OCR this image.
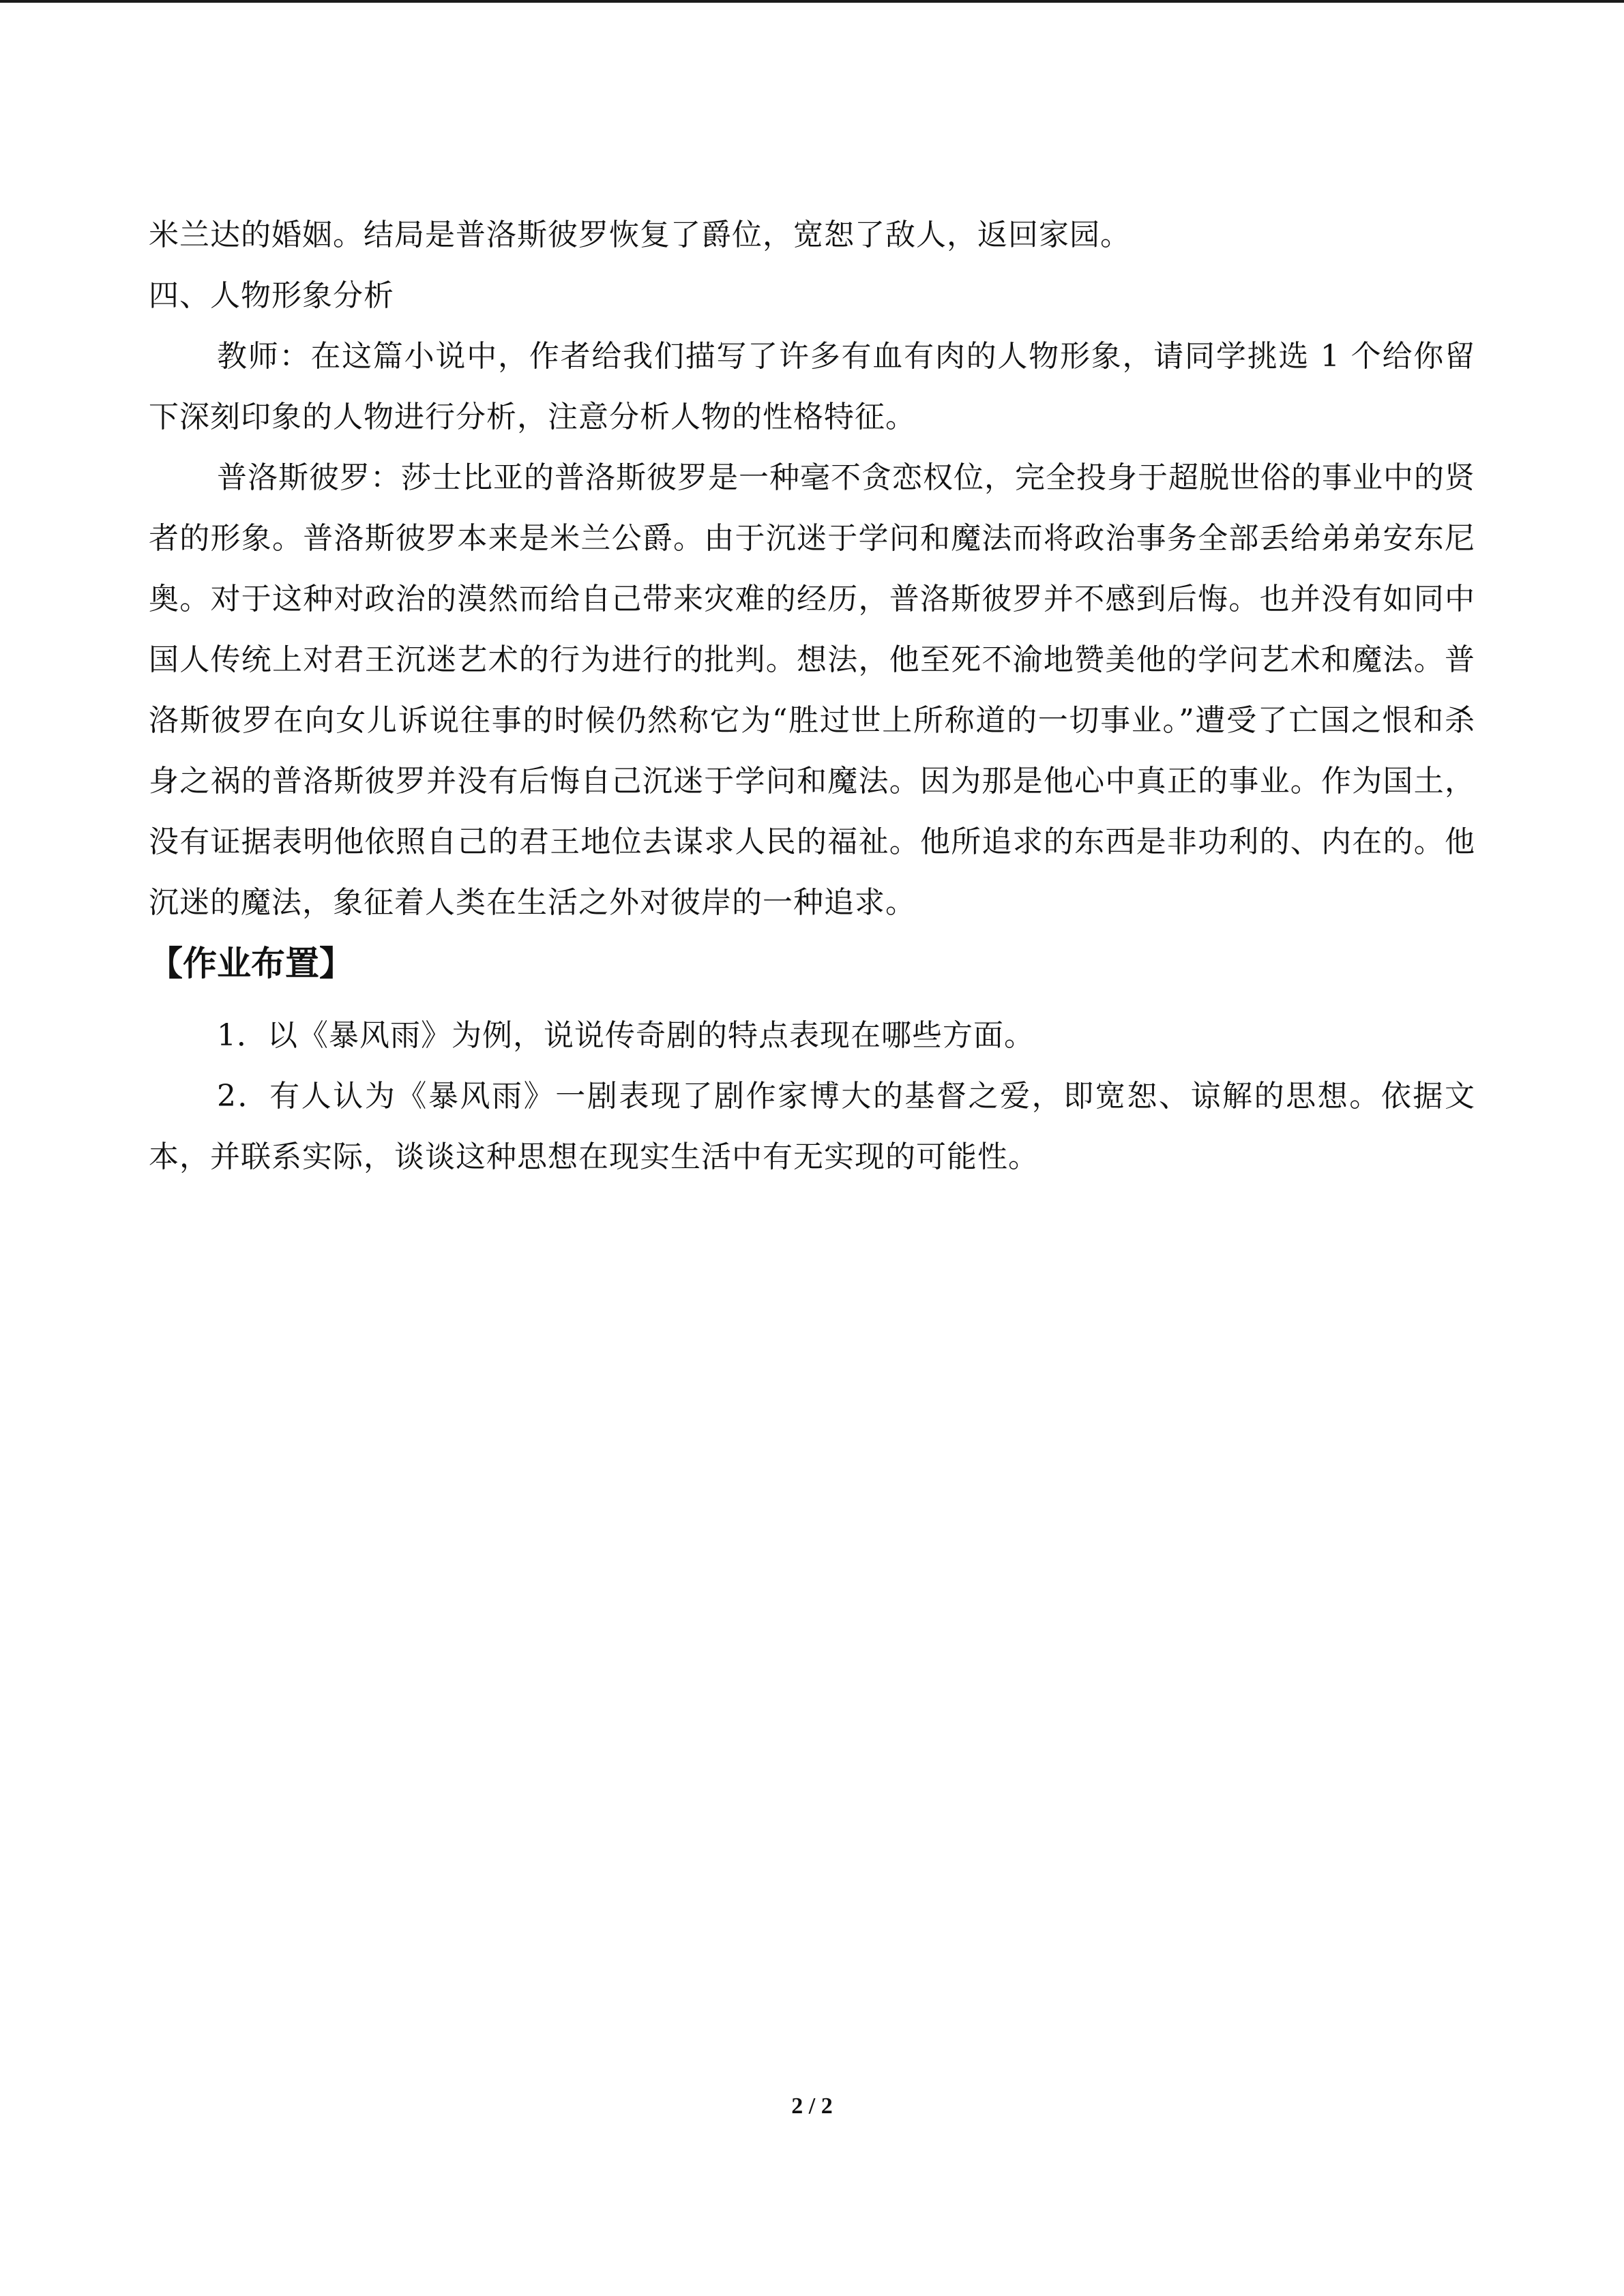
米兰达的婚姻。结局是普洛斯彼罗恢复了爵位，宽恕了敌人，返回家园。

四、人物形象分析

教师：在这篇小说中，作者给我们描写了许多有血有肉的人物形象，请同学挑选 1 个给你留下深刻印象的人物进行分析，注意分析人物的性格特征。

普洛斯彼罗：莎士比亚的普洛斯彼罗是一种毫不贪恋权位，完全投身于超脱世俗的事业中的贤者的形象。普洛斯彼罗本来是米兰公爵。由于沉迷于学问和魔法而将政治事务全部丢给弟弟安东尼奥。对于这种对政治的漠然而给自己带来灾难的经历，普洛斯彼罗并不感到后悔。也并没有如同中国人传统上对君王沉迷艺术的行为进行的批判。想法，他至死不渝地赞美他的学问艺术和魔法。普洛斯彼罗在向女儿诉说往事的时候仍然称它为“胜过世上所称道的一切事业。”遭受了亡国之恨和杀身之祸的普洛斯彼罗并没有后悔自己沉迷于学问和魔法。因为那是他心中真正的事业。作为国土，没有证据表明他依照自己的君王地位去谋求人民的福祉。他所追求的东西是非功利的、内在的。他沉迷的魔法，象征着人类在生活之外对彼岸的一种追求。

【作业布置】
1．以《暴风雨》为例，说说传奇剧的特点表现在哪些方面。
2．有人认为《暴风雨》一剧表现了剧作家博大的基督之爱，即宽恕、谅解的思想。依据文本，并联系实际，谈谈这种思想在现实生活中有无实现的可能性。
2 / 2
